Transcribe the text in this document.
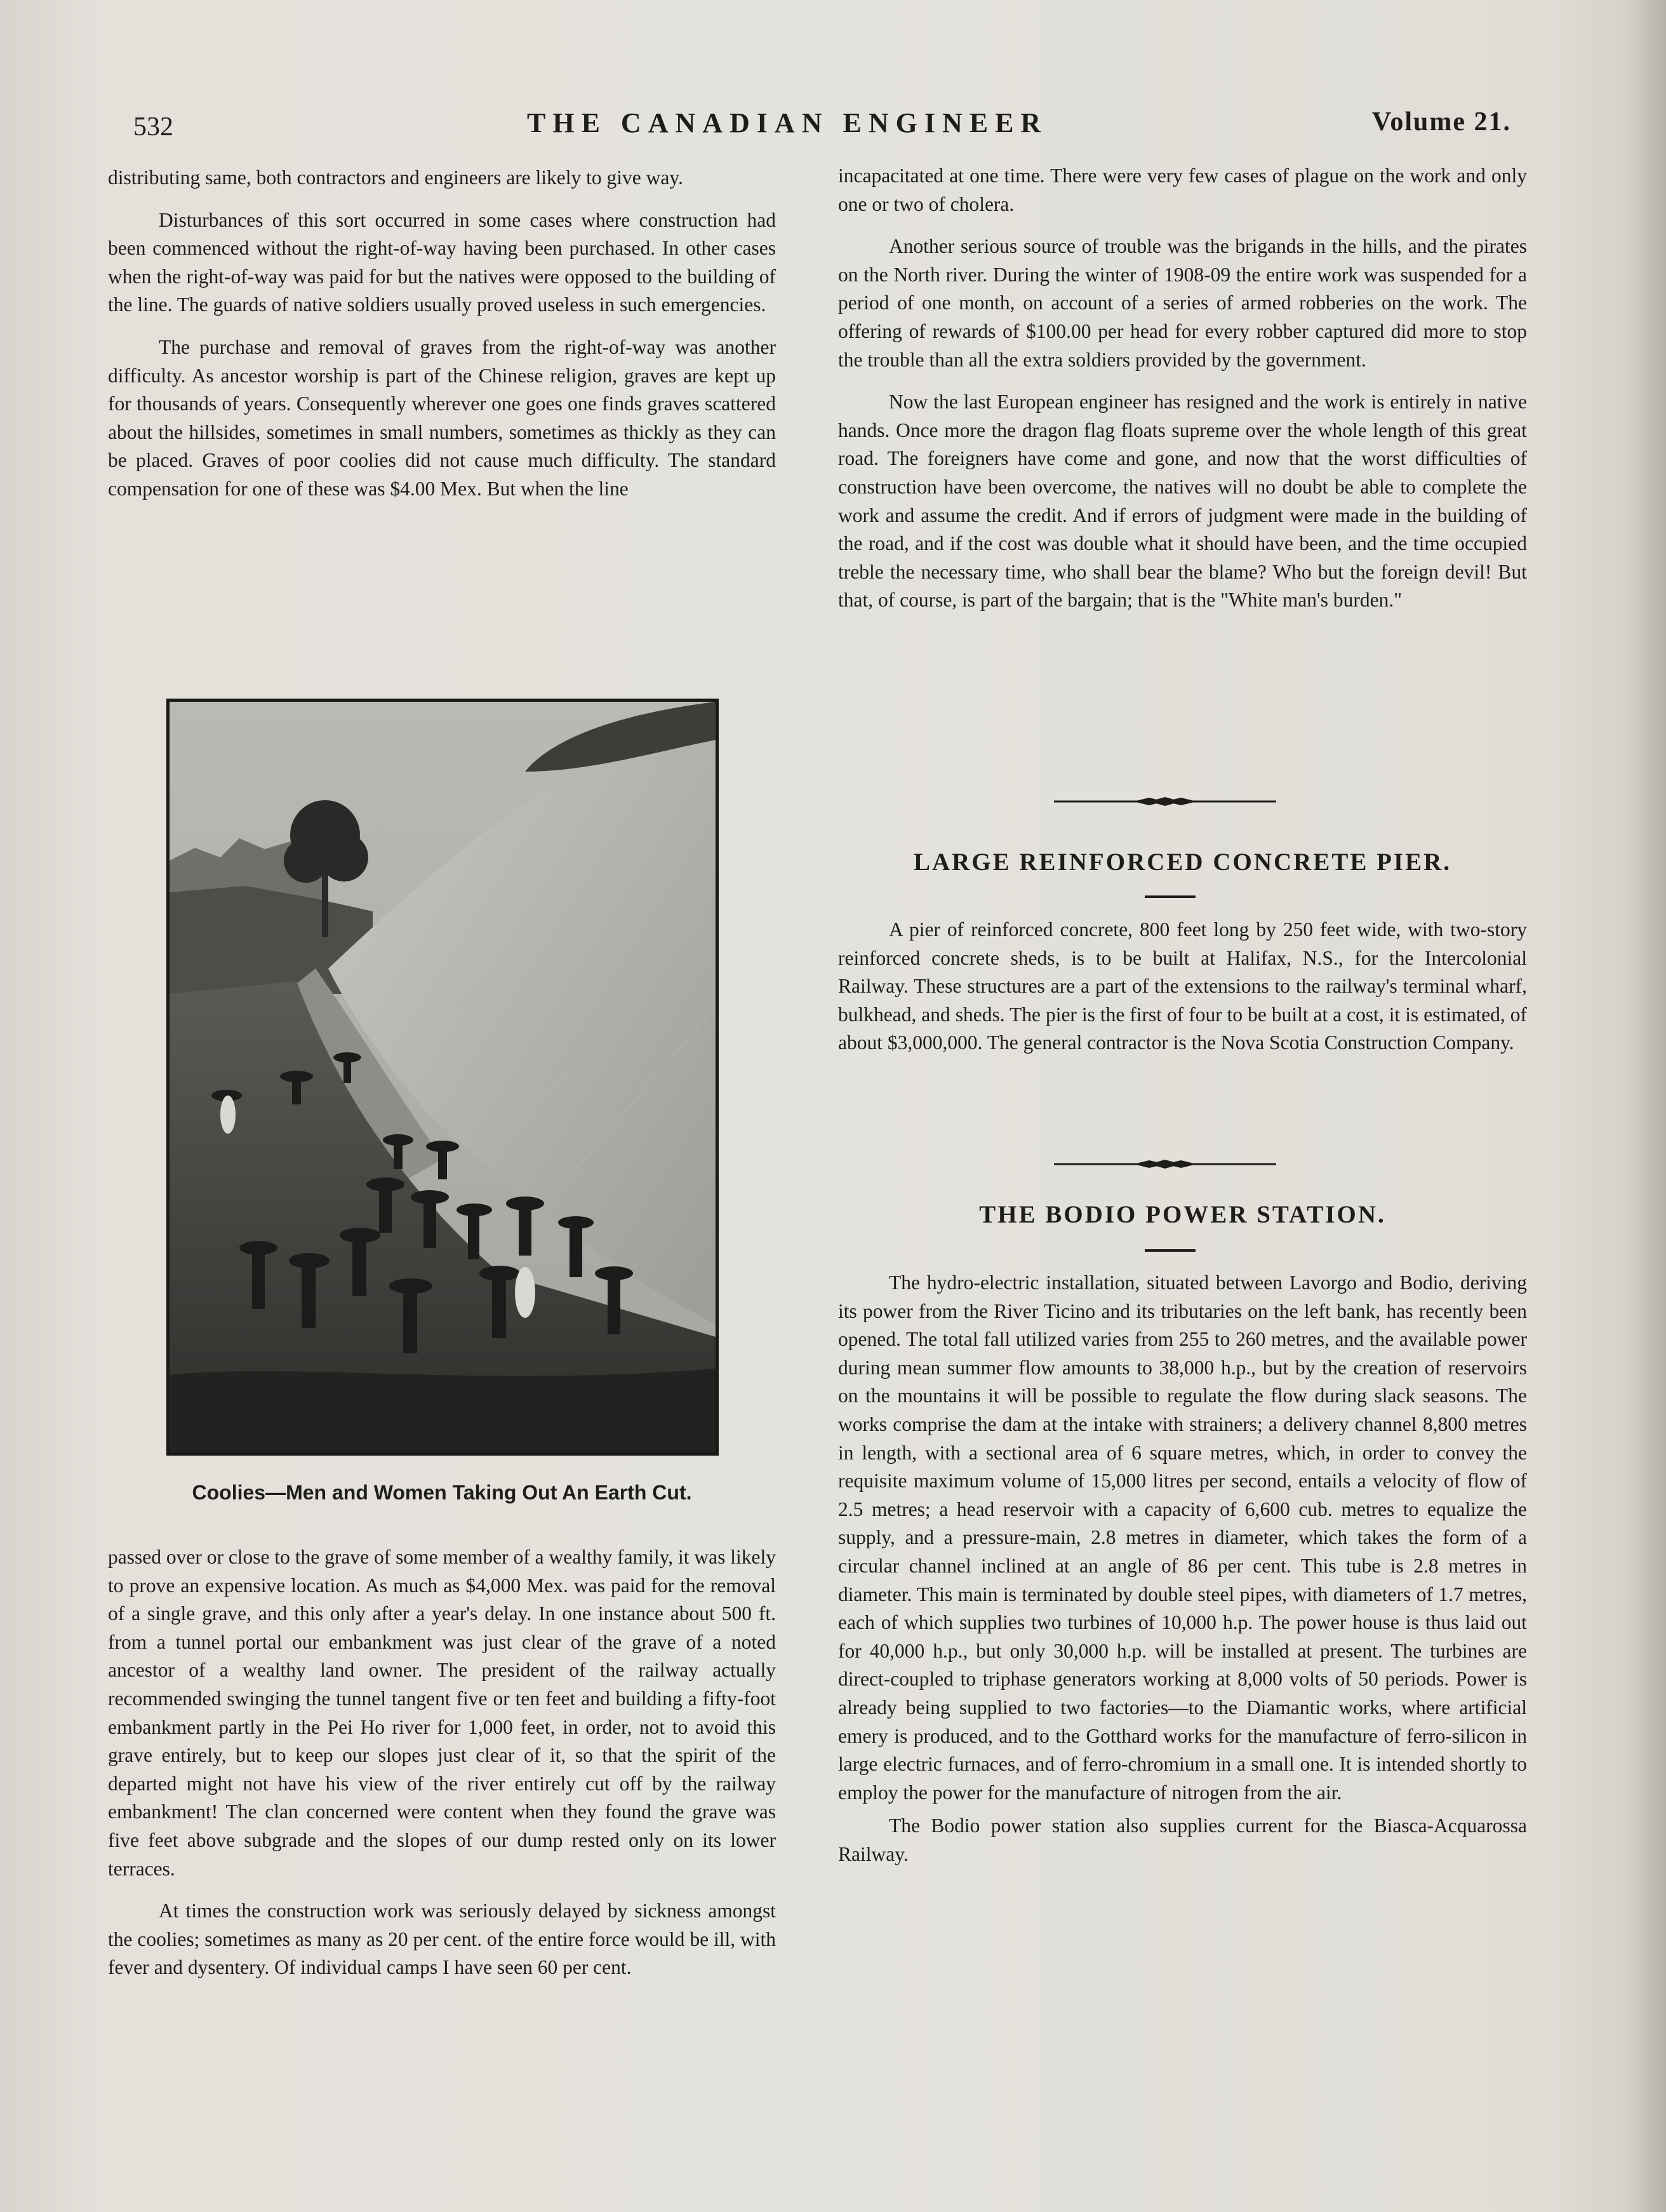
532	THE CANADIAN ENGINEER	Volume 21.

distributing same, both contractors and engineers are likely to give way.

Disturbances of this sort occurred in some cases where construction had been commenced without the right-of-way having been purchased. In other cases when the right-of-way was paid for but the natives were opposed to the building of the line. The guards of native soldiers usually proved useless in such emergencies.

The purchase and removal of graves from the right-of-way was another difficulty. As ancestor worship is part of the Chinese religion, graves are kept up for thousands of years. Consequently wherever one goes one finds graves scattered about the hillsides, sometimes in small numbers, sometimes as thickly as they can be placed. Graves of poor coolies did not cause much difficulty. The standard compensation for one of these was $4.00 Mex. But when the line

Coolies—Men and Women Taking Out An Earth Cut.

passed over or close to the grave of some member of a wealthy family, it was likely to prove an expensive location. As much as $4,000 Mex. was paid for the removal of a single grave, and this only after a year's delay. In one instance about 500 ft. from a tunnel portal our embankment was just clear of the grave of a noted ancestor of a wealthy land owner. The president of the railway actually recommended swinging the tunnel tangent five or ten feet and building a fifty-foot embankment partly in the Pei Ho river for 1,000 feet, in order, not to avoid this grave entirely, but to keep our slopes just clear of it, so that the spirit of the departed might not have his view of the river entirely cut off by the railway embankment! The clan concerned were content when they found the grave was five feet above subgrade and the slopes of our dump rested only on its lower terraces.

At times the construction work was seriously delayed by sickness amongst the coolies; sometimes as many as 20 per cent. of the entire force would be ill, with fever and dysentery. Of individual camps I have seen 60 per cent.

incapacitated at one time. There were very few cases of plague on the work and only one or two of cholera.

Another serious source of trouble was the brigands in the hills, and the pirates on the North river. During the winter of 1908-09 the entire work was suspended for a period of one month, on account of a series of armed robberies on the work. The offering of rewards of $100.00 per head for every robber captured did more to stop the trouble than all the extra soldiers provided by the government.

Now the last European engineer has resigned and the work is entirely in native hands. Once more the dragon flag floats supreme over the whole length of this great road. The foreigners have come and gone, and now that the worst difficulties of construction have been overcome, the natives will no doubt be able to complete the work and assume the credit. And if errors of judgment were made in the building of the road, and if the cost was double what it should have been, and the time occupied treble the necessary time, who shall bear the blame? Who but the foreign devil! But that, of course, is part of the bargain; that is the "White man's burden."

LARGE REINFORCED CONCRETE PIER.

A pier of reinforced concrete, 800 feet long by 250 feet wide, with two-story reinforced concrete sheds, is to be built at Halifax, N.S., for the Intercolonial Railway. These structures are a part of the extensions to the railway's terminal wharf, bulkhead, and sheds. The pier is the first of four to be built at a cost, it is estimated, of about $3,000,000. The general contractor is the Nova Scotia Construction Company.

THE BODIO POWER STATION.

The hydro-electric installation, situated between Lavorgo and Bodio, deriving its power from the River Ticino and its tributaries on the left bank, has recently been opened. The total fall utilized varies from 255 to 260 metres, and the available power during mean summer flow amounts to 38,000 h.p., but by the creation of reservoirs on the mountains it will be possible to regulate the flow during slack seasons. The works comprise the dam at the intake with strainers; a delivery channel 8,800 metres in length, with a sectional area of 6 square metres, which, in order to convey the requisite maximum volume of 15,000 litres per second, entails a velocity of flow of 2.5 metres; a head reservoir with a capacity of 6,600 cub. metres to equalize the supply, and a pressure-main, 2.8 metres in diameter, which takes the form of a circular channel inclined at an angle of 86 per cent. This tube is 2.8 metres in diameter. This main is terminated by double steel pipes, with diameters of 1.7 metres, each of which supplies two turbines of 10,000 h.p. The power house is thus laid out for 40,000 h.p., but only 30,000 h.p. will be installed at present. The turbines are direct-coupled to triphase generators working at 8,000 volts of 50 periods. Power is already being supplied to two factories—to the Diamantic works, where artificial emery is produced, and to the Gotthard works for the manufacture of ferro-silicon in large electric furnaces, and of ferro-chromium in a small one. It is intended shortly to employ the power for the manufacture of nitrogen from the air.

The Bodio power station also supplies current for the Biasca-Acquarossa Railway.
